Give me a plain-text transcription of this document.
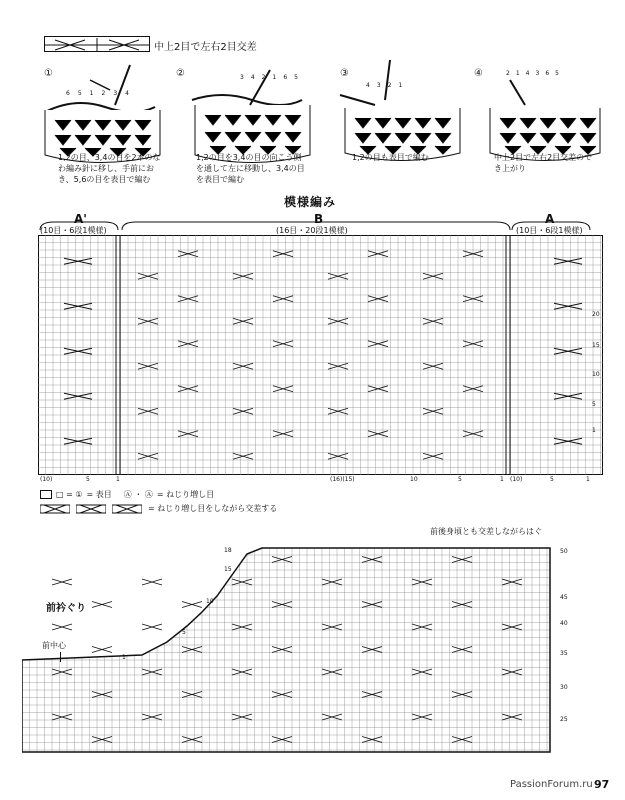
中上2目で左右2目交差
①	②	③	④
6 5 1 2 3 4
3 4 2 1 6 5
4 3 2 1
2 1 4 3 6 5
1,2の目、3,4の目を2本のなわ編み針に移し、手前におき、5,6の目を表目で編む
1,2の目を3,4の目の向こう側を通して左に移動し、3,4の目を表目で編む
1,2の目も表目で編む	中上2目で左右2目交差のでき上がり
模様編み
A'
(10目・6段1模様)
B
(16目・20段1模様)
A
(10目・6段1模様)
20
15
10
5
1
(10)	5	1	(16)(15)	10	5	1 (10)	5	1
□ = ① = 表目 Ⓐ ・ Ⓐ = ねじり増し目
= ねじり増し目をしながら交差する
前後身頃とも交差しながらはぐ
前衿ぐり
前中心
18
15
10
5
1
50
45
40
35
30
25
PassionForum.ru 97
